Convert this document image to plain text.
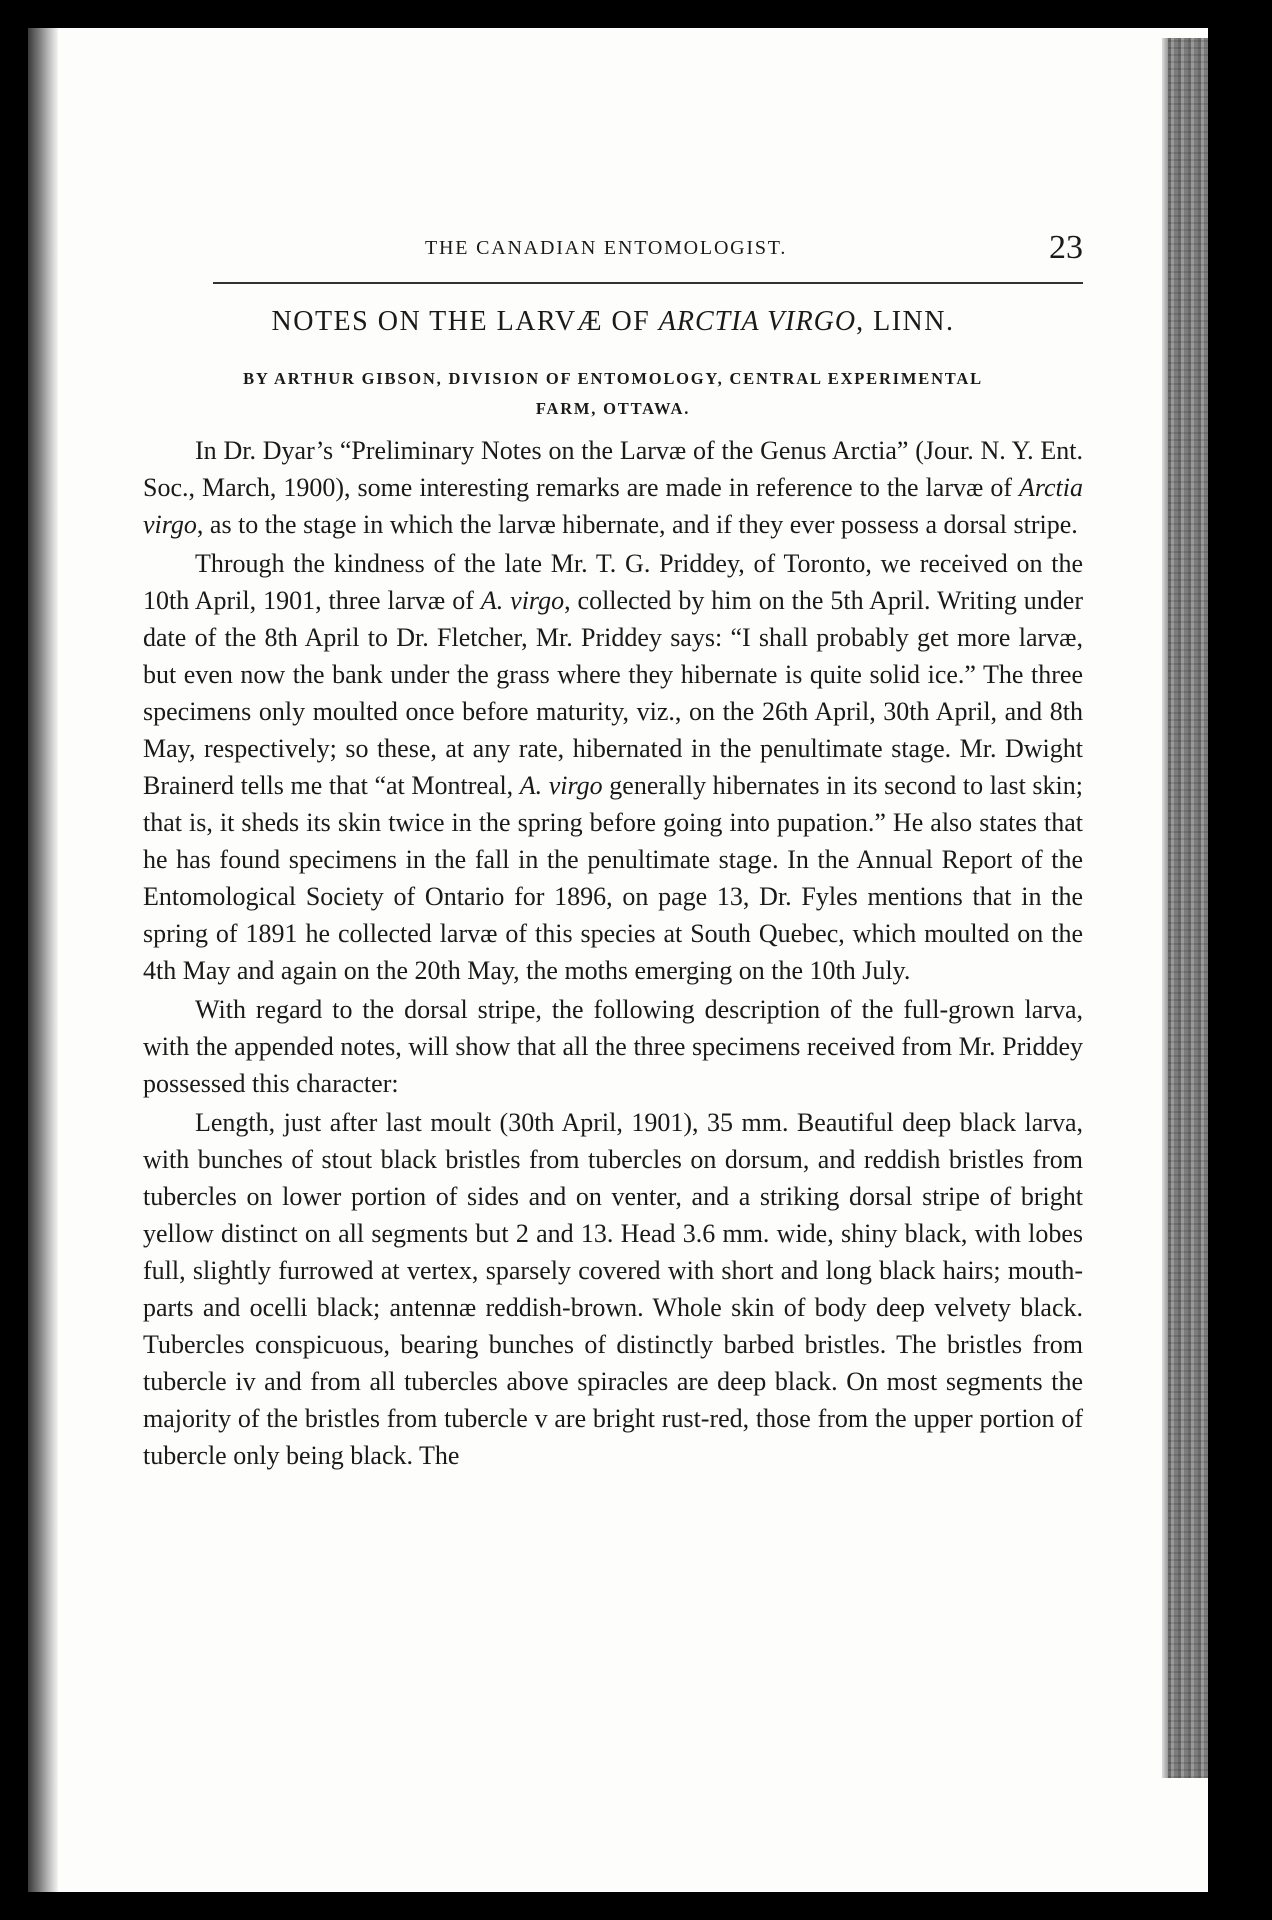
THE CANADIAN ENTOMOLOGIST.	23
NOTES ON THE LARVÆ OF ARCTIA VIRGO, LINN.
BY ARTHUR GIBSON, DIVISION OF ENTOMOLOGY, CENTRAL EXPERIMENTAL
FARM, OTTAWA.

In Dr. Dyar’s “Preliminary Notes on the Larvæ of the Genus Arctia” (Jour. N. Y. Ent. Soc., March, 1900), some interesting remarks are made in reference to the larvæ of Arctia virgo, as to the stage in which the larvæ hibernate, and if they ever possess a dorsal stripe.

Through the kindness of the late Mr. T. G. Priddey, of Toronto, we received on the 10th April, 1901, three larvæ of A. virgo, collected by him on the 5th April. Writing under date of the 8th April to Dr. Fletcher, Mr. Priddey says: “I shall probably get more larvæ, but even now the bank under the grass where they hibernate is quite solid ice.” The three specimens only moulted once before maturity, viz., on the 26th April, 30th April, and 8th May, respectively; so these, at any rate, hibernated in the penultimate stage. Mr. Dwight Brainerd tells me that “at Montreal, A. virgo generally hibernates in its second to last skin; that is, it sheds its skin twice in the spring before going into pupation.” He also states that he has found specimens in the fall in the penultimate stage. In the Annual Report of the Entomological Society of Ontario for 1896, on page 13, Dr. Fyles mentions that in the spring of 1891 he collected larvæ of this species at South Quebec, which moulted on the 4th May and again on the 20th May, the moths emerging on the 10th July.

With regard to the dorsal stripe, the following description of the full-grown larva, with the appended notes, will show that all the three specimens received from Mr. Priddey possessed this character:

Length, just after last moult (30th April, 1901), 35 mm. Beautiful deep black larva, with bunches of stout black bristles from tubercles on dorsum, and reddish bristles from tubercles on lower portion of sides and on venter, and a striking dorsal stripe of bright yellow distinct on all segments but 2 and 13. Head 3.6 mm. wide, shiny black, with lobes full, slightly furrowed at vertex, sparsely covered with short and long black hairs; mouth-parts and ocelli black; antennæ reddish-brown. Whole skin of body deep velvety black. Tubercles conspicuous, bearing bunches of distinctly barbed bristles. The bristles from tubercle iv and from all tubercles above spiracles are deep black. On most segments the majority of the bristles from tubercle v are bright rust-red, those from the upper portion of tubercle only being black. The
